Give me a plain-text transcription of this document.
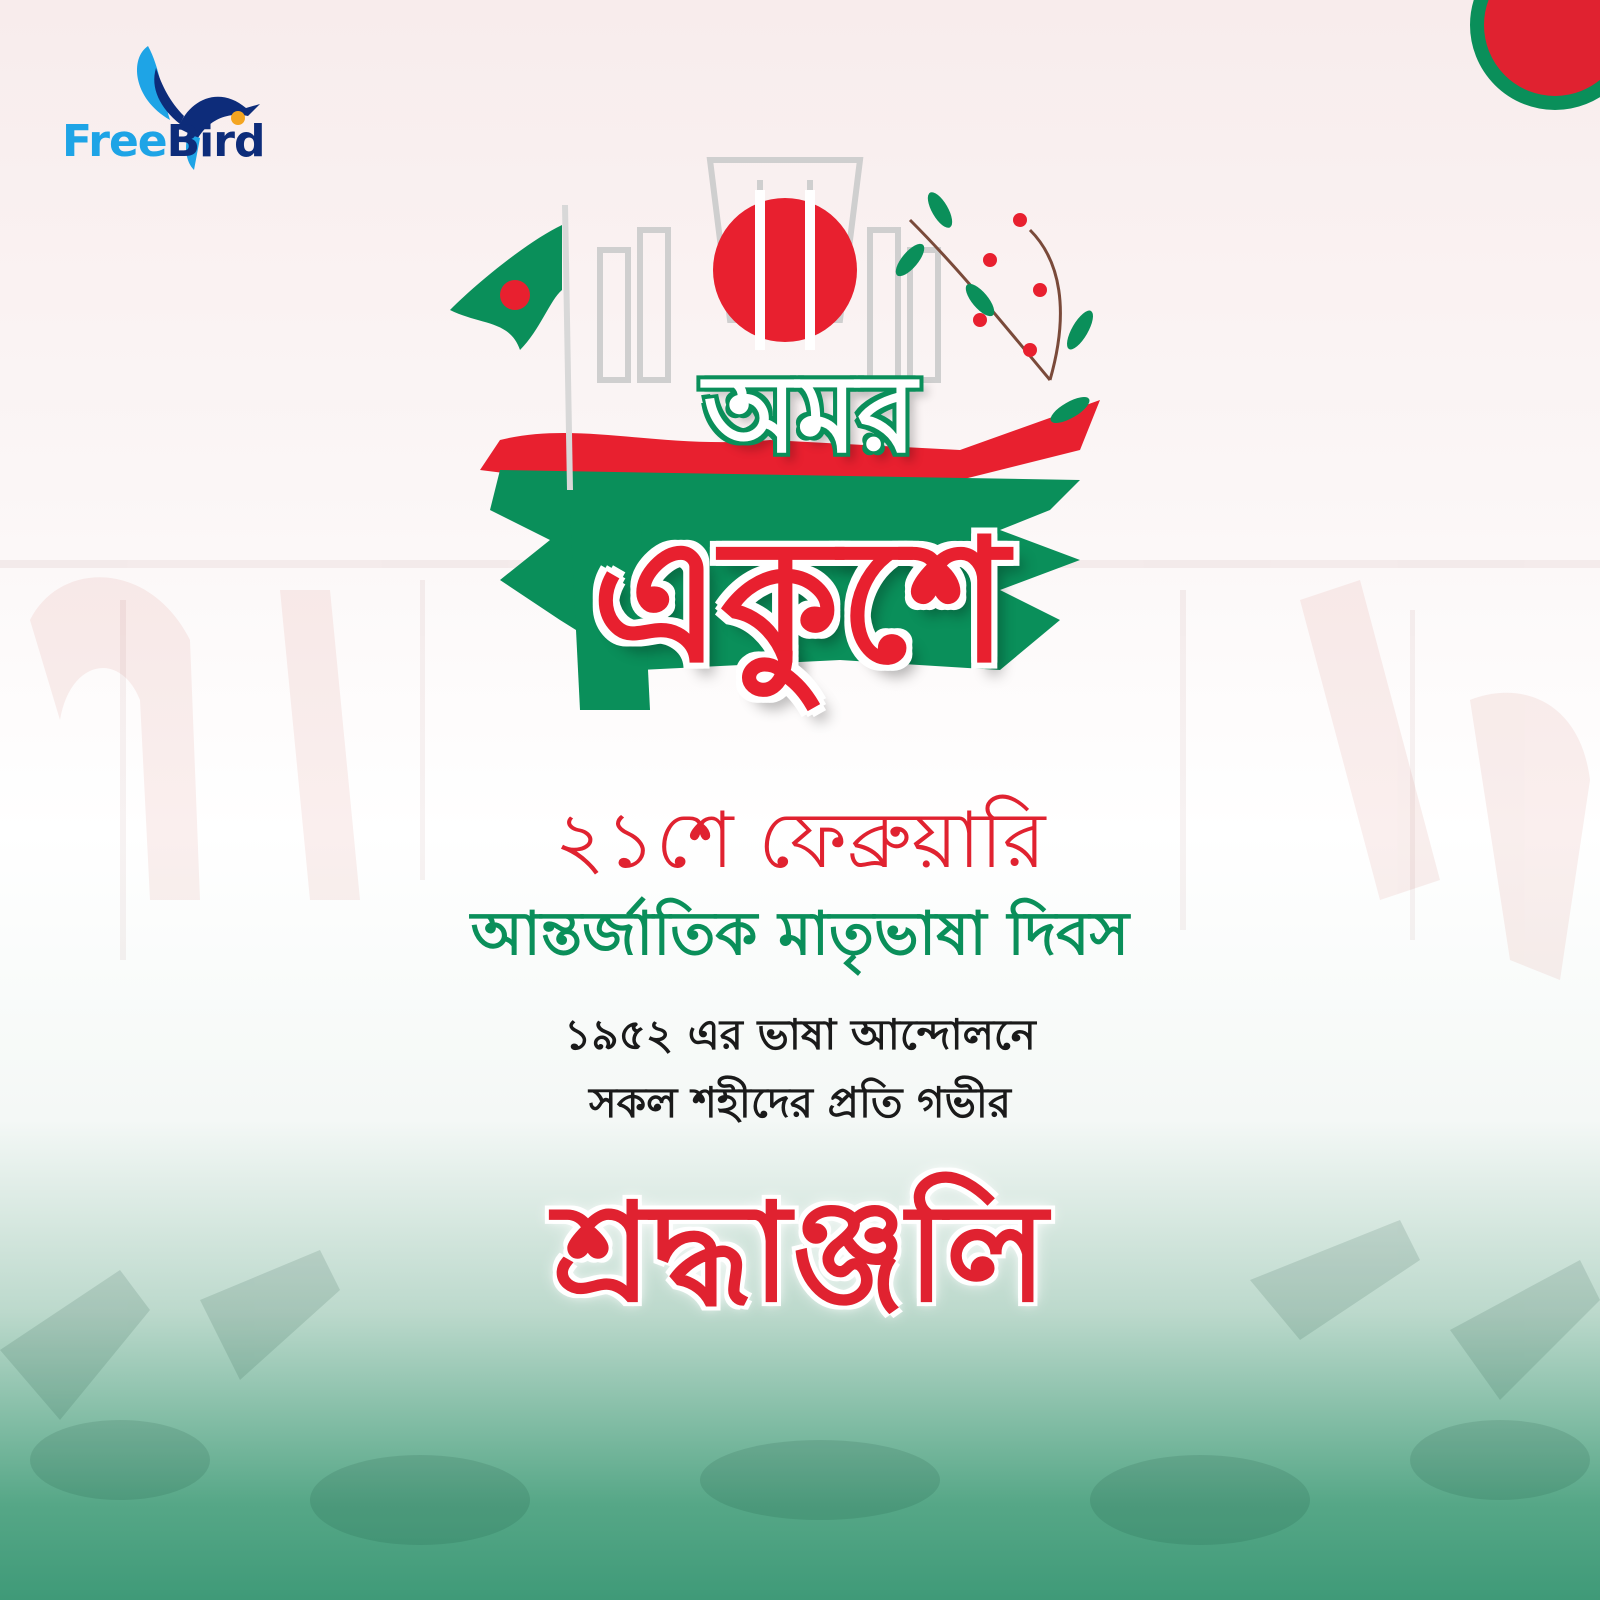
FreeBird
অমর
একুশে
২১শে ফেব্রুয়ারি
আন্তর্জাতিক মাতৃভাষা দিবস
১৯৫২ এর ভাষা আন্দোলনে
সকল শহীদের প্রতি গভীর
শ্রদ্ধাঞ্জলি
